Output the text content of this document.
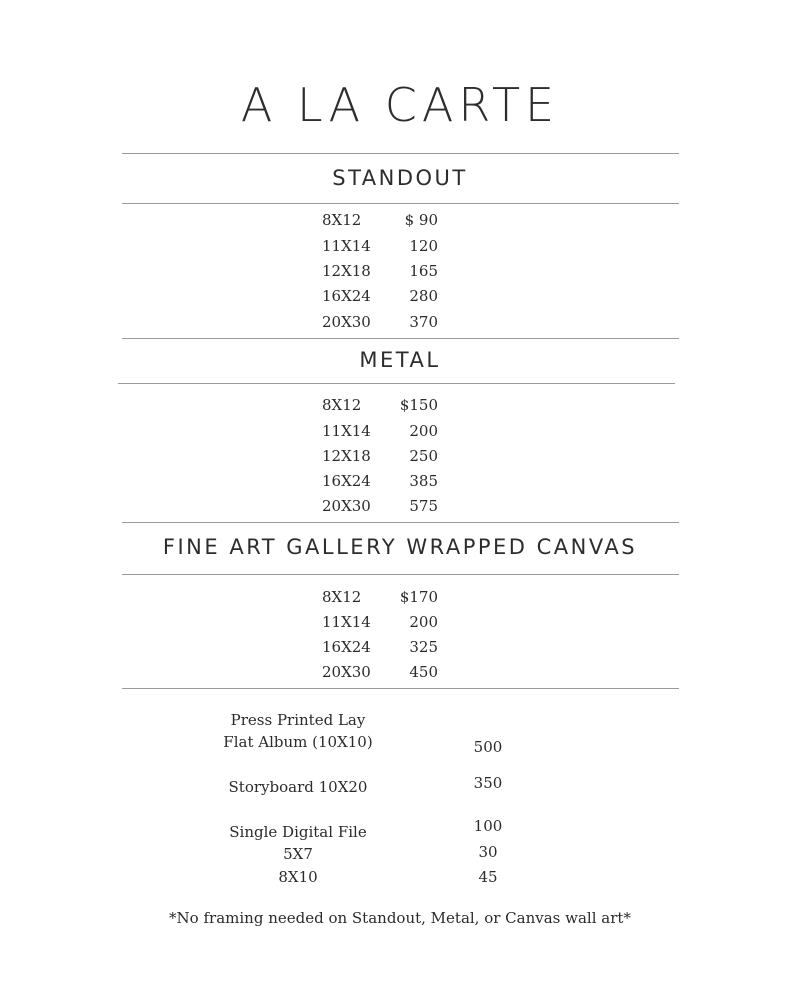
A LA CARTE
STANDOUT
8X12	$ 90
11X14	120
12X18	165
16X24	280
20X30	370
METAL
8X12	$150
11X14	200
12X18	250
16X24	385
20X30	575
FINE ART GALLERY WRAPPED CANVAS
8X12	$170
11X14	200
16X24	325
20X30	450
Press Printed Lay
Flat Album (10X10)	500
Storyboard 10X20	350
Single Digital File	100
5X7	30
8X10	45
*No framing needed on Standout, Metal, or Canvas wall art*
